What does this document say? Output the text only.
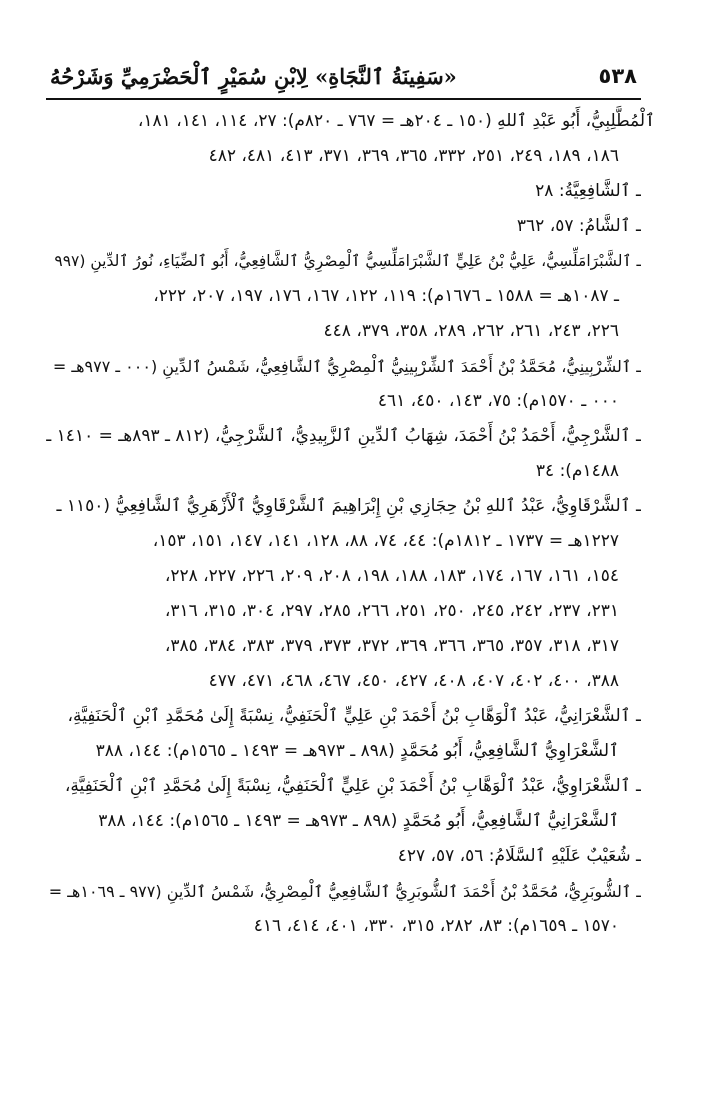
٥٣٨
«سَفِينَةُ ٱلنَّجَاةِ» لِابْنِ سُمَيْرٍ ٱلْحَضْرَمِيِّ وَشَرْحُهُ
ٱلْمُطَّلِبِيُّ، أَبُو عَبْدِ ٱللهِ (١٥٠ ـ ٢٠٤هـ = ٧٦٧ ـ ٨٢٠م): ٢٧، ١١٤، ١٤١، ١٨١،
١٨٦، ١٨٩، ٢٤٩، ٢٥١، ٣٣٢، ٣٦٥، ٣٦٩، ٣٧١، ٤١٣، ٤٨١، ٤٨٢
ـ ٱلشَّافِعِيَّةُ: ٢٨
ـ ٱلشَّامُ: ٥٧، ٣٦٢
ـ ٱلشَّبْرَامَلِّسِيُّ، عَلِيُّ بْنُ عَلِيٍّ ٱلشَّبْرَامَلِّسِيُّ ٱلْمِصْرِيُّ ٱلشَّافِعِيُّ، أَبُو ٱلضِّيَاءِ، نُورُ ٱلدِّينِ (٩٩٧
ـ ١٠٨٧هـ = ١٥٨٨ ـ ١٦٧٦م): ١١٩، ١٢٢، ١٦٧، ١٧٦، ١٩٧، ٢٠٧، ٢٢٢،
٢٢٦، ٢٤٣، ٢٦١، ٢٦٢، ٢٨٩، ٣٥٨، ٣٧٩، ٤٤٨
ـ ٱلشِّرْبِينِيُّ، مُحَمَّدُ بْنُ أَحْمَدَ ٱلشِّرْبِينِيُّ ٱلْمِصْرِيُّ ٱلشَّافِعِيُّ، شَمْسُ ٱلدِّينِ (٠٠٠ ـ ٩٧٧هـ =
٠٠٠ ـ ١٥٧٠م): ٧٥، ١٤٣، ٤٥٠، ٤٦١
ـ ٱلشَّرْجِيُّ، أَحْمَدُ بْنُ أَحْمَدَ، شِهَابُ ٱلدِّينِ ٱلزَّبِيدِيُّ، ٱلشَّرْجِيُّ، (٨١٢ ـ ٨٩٣هـ = ١٤١٠ ـ
١٤٨٨م): ٣٤
ـ ٱلشَّرْقَاوِيُّ، عَبْدُ ٱللهِ بْنُ حِجَازِي بْنِ إِبْرَاهِيمَ ٱلشَّرْقَاوِيُّ ٱلْأَزْهَرِيُّ ٱلشَّافِعِيُّ (١١٥٠ ـ
١٢٢٧هـ = ١٧٣٧ ـ ١٨١٢م): ٤٤، ٧٤، ٨٨، ١٢٨، ١٤١، ١٤٧، ١٥١، ١٥٣،
١٥٤، ١٦١، ١٦٧، ١٧٤، ١٨٣، ١٨٨، ١٩٨، ٢٠٨، ٢٠٩، ٢٢٦، ٢٢٧، ٢٢٨،
٢٣١، ٢٣٧، ٢٤٢، ٢٤٥، ٢٥٠، ٢٥١، ٢٦٦، ٢٨٥، ٢٩٧، ٣٠٤، ٣١٥، ٣١٦،
٣١٧، ٣١٨، ٣٥٧، ٣٦٥، ٣٦٦، ٣٦٩، ٣٧٢، ٣٧٣، ٣٧٩، ٣٨٣، ٣٨٤، ٣٨٥،
٣٨٨، ٤٠٠، ٤٠٢، ٤٠٧، ٤٠٨، ٤٢٧، ٤٥٠، ٤٦٧، ٤٦٨، ٤٧١، ٤٧٧
ـ ٱلشَّعْرَانِيُّ، عَبْدُ ٱلْوَهَّابِ بْنُ أَحْمَدَ بْنِ عَلِيٍّ ٱلْحَنَفِيُّ، نِسْبَةً إِلَىٰ مُحَمَّدِ ٱبْنِ ٱلْحَنَفِيَّةِ،
ٱلشَّعْرَاوِيُّ ٱلشَّافِعِيُّ، أَبُو مُحَمَّدٍ (٨٩٨ ـ ٩٧٣هـ = ١٤٩٣ ـ ١٥٦٥م): ١٤٤، ٣٨٨
ـ ٱلشَّعْرَاوِيُّ، عَبْدُ ٱلْوَهَّابِ بْنُ أَحْمَدَ بْنِ عَلِيٍّ ٱلْحَنَفِيُّ، نِسْبَةً إِلَىٰ مُحَمَّدِ ٱبْنِ ٱلْحَنَفِيَّةِ،
ٱلشَّعْرَانِيُّ ٱلشَّافِعِيُّ، أَبُو مُحَمَّدٍ (٨٩٨ ـ ٩٧٣هـ = ١٤٩٣ ـ ١٥٦٥م): ١٤٤، ٣٨٨
ـ شُعَيْبٌ عَلَيْهِ ٱلسَّلَامُ: ٥٦، ٥٧، ٤٢٧
ـ ٱلشُّوبَرِيُّ، مُحَمَّدُ بْنُ أَحْمَدَ ٱلشُّوبَرِيُّ ٱلشَّافِعِيُّ ٱلْمِصْرِيُّ، شَمْسُ ٱلدِّينِ (٩٧٧ ـ ١٠٦٩هـ =
١٥٧٠ ـ ١٦٥٩م): ٨٣، ٢٨٢، ٣١٥، ٣٣٠، ٤٠١، ٤١٤، ٤١٦
